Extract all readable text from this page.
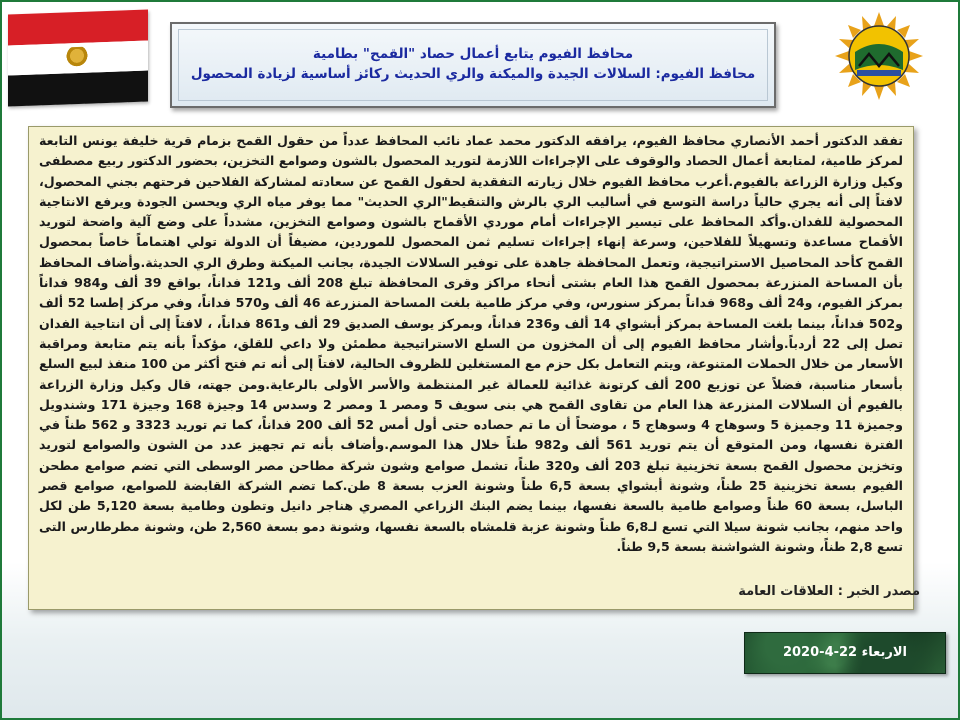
محافظ الفيوم يتابع أعمال حصاد "القمح" بطامية
محافظ الفيوم: السلالات الجيدة والميكنة والري الحديث ركائز أساسية لزيادة المحصول
تفقد الدكتور أحمد الأنصاري محافظ الفيوم، يرافقه الدكتور محمد عماد نائب المحافظ عدداً من حقول القمح بزمام قرية خليفة يونس التابعة لمركز طامية، لمتابعة أعمال الحصاد والوقوف على الإجراءات اللازمة لتوريد المحصول بالشون وصوامع التخزين، بحضور الدكتور ربيع مصطفى وكيل وزارة الزراعة بالفيوم.أعرب محافظ الفيوم خلال زيارته التفقدية لحقول القمح عن سعادته لمشاركة الفلاحين فرحتهم بجني المحصول، لافتاً إلى أنه يجري حالياً دراسة التوسع في أساليب الري بالرش والتنقيط"الري الحديث" مما يوفر مياه الري ويحسن الجودة ويرفع الانتاجية المحصولية للفدان.وأكد المحافظ على تيسير الإجراءات أمام موردي الأقماح بالشون وصوامع التخزين، مشدداً على وضع آلية واضحة لتوريد الأقماح مساعدة وتسهيلاً للفلاحين، وسرعة إنهاء إجراءات تسليم ثمن المحصول للموردين، مضيفاً أن الدولة تولي اهتماماً خاصاً بمحصول القمح كأحد المحاصيل الاستراتيجية، وتعمل المحافظة جاهدة على توفير السلالات الجيدة، بجانب الميكنة وطرق الري الحديثة.وأضاف المحافظ بأن المساحة المنزرعة بمحصول القمح هذا العام بشتى أنحاء مراكز وقرى المحافظة تبلغ 208 ألف و121 فداناً، بواقع 39 ألف و984 فداناً بمركز الفيوم، و24 ألف و968 فداناً بمركز سنورس، وفي مركز طامية بلغت المساحة المنزرعة 46 ألف و570 فداناً، وفي مركز إطسا 52 ألف و502 فداناً، بينما بلغت المساحة بمركز أبشواي 14 ألف و236 فداناً، وبمركز يوسف الصديق 29 ألف و861 فداناً، ، لافتاً إلى أن انتاجية الفدان تصل إلى 22 أردباً.وأشار محافظ الفيوم إلى أن المخزون من السلع الاستراتيجية مطمئن ولا داعي للقلق، مؤكداً بأنه يتم متابعة ومراقبة الأسعار من خلال الحملات المتنوعة، ويتم التعامل بكل حزم مع المستغلين للظروف الحالية، لافتاً إلى أنه تم فتح أكثر من 100 منفذ لبيع السلع بأسعار مناسبة، فضلاً عن توزيع 200 ألف كرتونة غذائية للعمالة غير المنتظمة والأسر الأولى بالرعاية.ومن جهته، قال وكيل وزارة الزراعة بالفيوم أن السلالات المنزرعة هذا العام من تقاوى القمح هي بنى سويف 5 ومصر 1 ومصر 2 وسدس 14 وجيزة 168 وجيزة 171 وشندويل وجميزة 11 وجميزة 5 وسوهاج 4 وسوهاج 5 ، موضحاً أن ما تم حصاده حتى أول أمس 52 ألف 200 فداناً، كما تم توريد 3323 و 562 طناً في الفترة نفسها، ومن المتوقع أن يتم توريد 561 ألف و982 طناً خلال هذا الموسم.وأضاف بأنه تم تجهيز عدد من الشون والصوامع لتوريد وتخزين محصول القمح بسعة تخزينية تبلغ 203 ألف و320 طناً، تشمل صوامع وشون شركة مطاحن مصر الوسطى التي تضم صوامع مطحن الفيوم بسعة تخزينية 25 طناً، وشونة أبشواي بسعة 6,5 طناً وشونة العزب بسعة 8 طن.كما تضم الشركة القابضة للصوامع، صوامع قصر الباسل، بسعة 60 طناً وصوامع طامية بالسعة نفسها، بينما يضم البنك الزراعي المصري هناجر دانيل وتطون وطامية بسعة 5,120 طن لكل واحد منهم، بجانب شونة سيلا التي تسع لـ6,8 طناً وشونة عزبة قلمشاه بالسعة نفسها، وشونة دمو بسعة 2,560 طن، وشونة مطرطارس التى تسع 2,8 طناً، وشونة الشواشنة بسعة 9,5 طناً.
مصدر الخبر : العلاقات العامة
الاربعاء 22-4-2020
